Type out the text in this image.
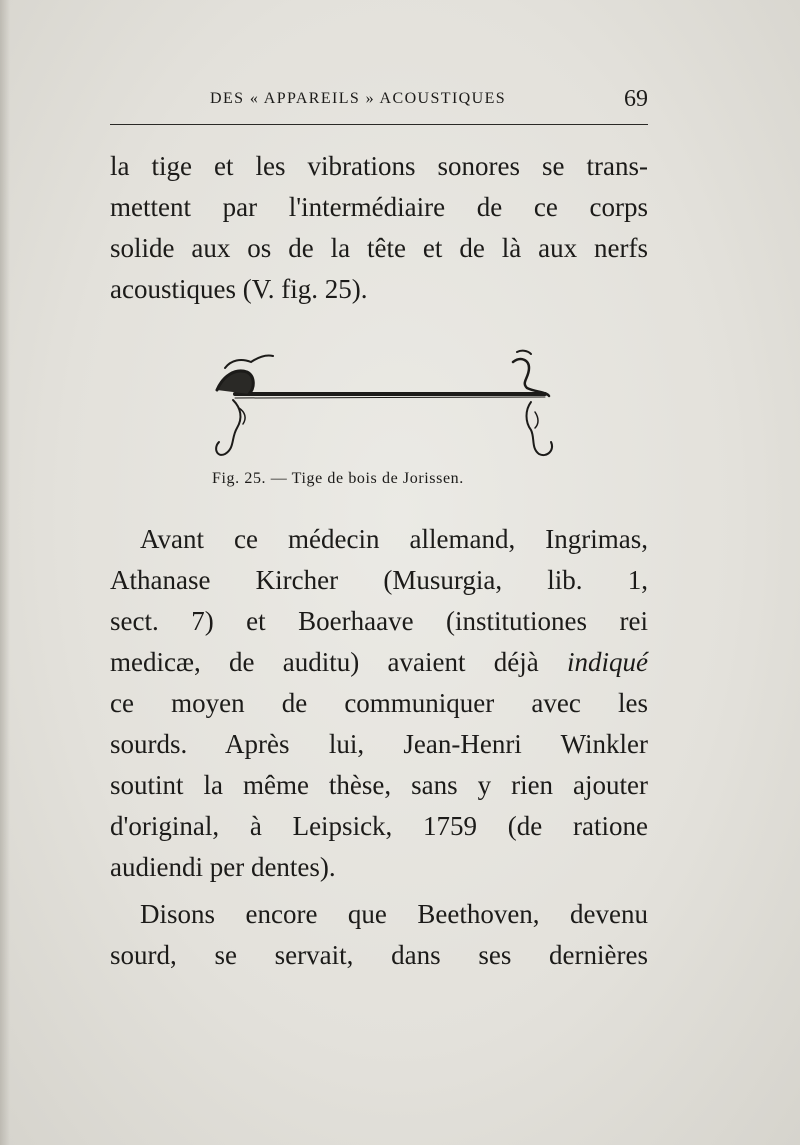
DES « APPAREILS » ACOUSTIQUES	69
la tige et les vibrations sonores se trans-
mettent par l'intermédiaire de ce corps
solide aux os de la tête et de là aux nerfs
acoustiques (V. fig. 25).
Fig. 25. — Tige de bois de Jorissen.
Avant ce médecin allemand, Ingrimas,
Athanase Kircher (Musurgia, lib. 1,
sect. 7) et Boerhaave (institutiones rei
medicæ, de auditu) avaient déjà indiqué
ce moyen de communiquer avec les
sourds. Après lui, Jean-Henri Winkler
soutint la même thèse, sans y rien ajouter
d'original, à Leipsick, 1759 (de ratione
audiendi per dentes).
Disons encore que Beethoven, devenu
sourd, se servait, dans ses dernières
